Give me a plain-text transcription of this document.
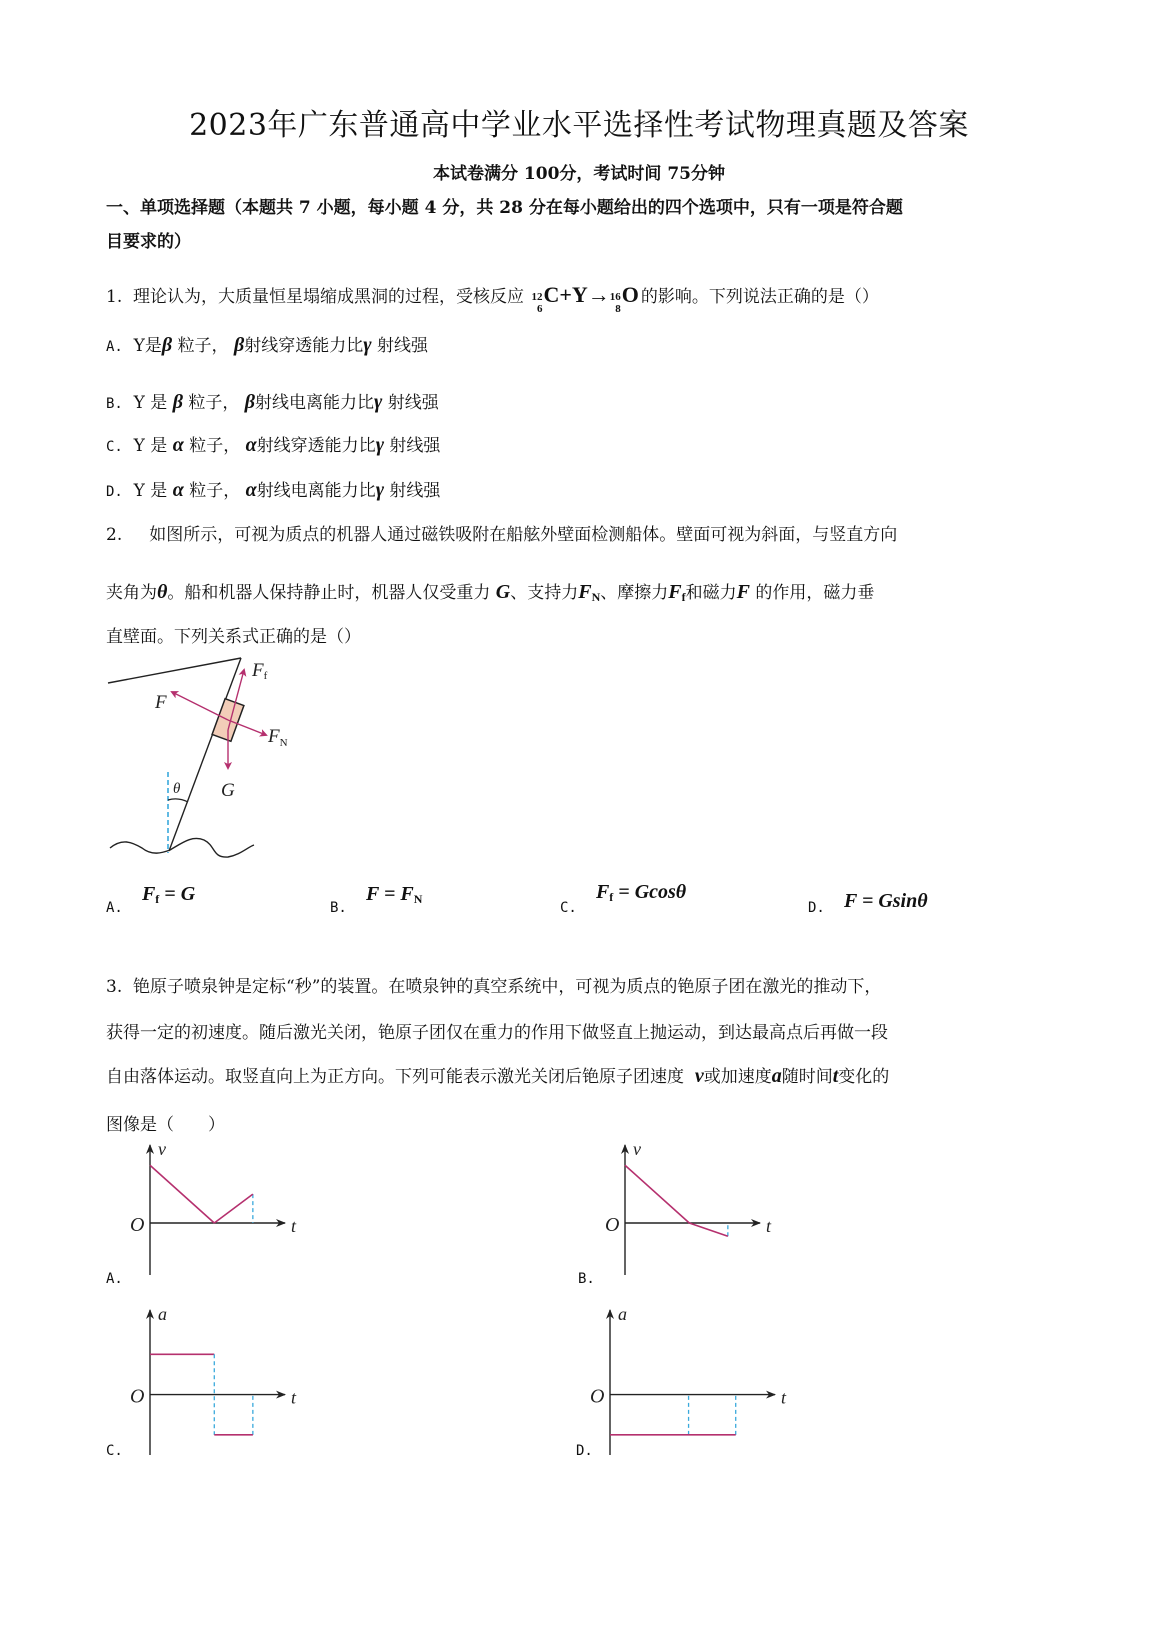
2023年广东普通高中学业水平选择性考试物理真题及答案
本试卷满分 100分，考试时间 75分钟
一、单项选择题（本题共 7 小题，每小题 4 分，共 28 分在每小题给出的四个选项中，只有一项是符合题
目要求的）
1. 理论认为，大质量恒星塌缩成黑洞的过程，受核反应 12
6
C+Y→ 16
8
O 的影响。下列说法正确的是（）
A. Y是β 粒子， β射线穿透能力比γ 射线强
B. Y 是 β 粒子， β射线电离能力比γ 射线强
C. Y 是 α 粒子， α射线穿透能力比γ 射线强
D. Y 是 α 粒子， α射线电离能力比γ 射线强
2. 如图所示，可视为质点的机器人通过磁铁吸附在船舷外壁面检测船体。壁面可视为斜面，与竖直方向
夹角为θ。船和机器人保持静止时，机器人仅受重力 G、支持力$F_N$、摩擦力$F_f$和磁力F 的作用，磁力垂
直壁面。下列关系式正确的是（）
θ
Ff
F
$F_N$
G
A. $F_f = G$
B. $F = F_N$
C. $F_f = Gcos\theta$
D. F = Gsinθ
3. 铯原子喷泉钟是定标“秒”的装置。在喷泉钟的真空系统中，可视为质点的铯原子团在激光的推动下，
获得一定的初速度。随后激光关闭，铯原子团仅在重力的作用下做竖直上抛运动，到达最高点后再做一段
自由落体运动。取竖直向上为正方向。下列可能表示激光关闭后铯原子团速度 v或加速度a随时间t变化的
图像是（　　）
v
t
O
A.
v
t
O
B.
a
t
O
C.
a
t
O
D.
